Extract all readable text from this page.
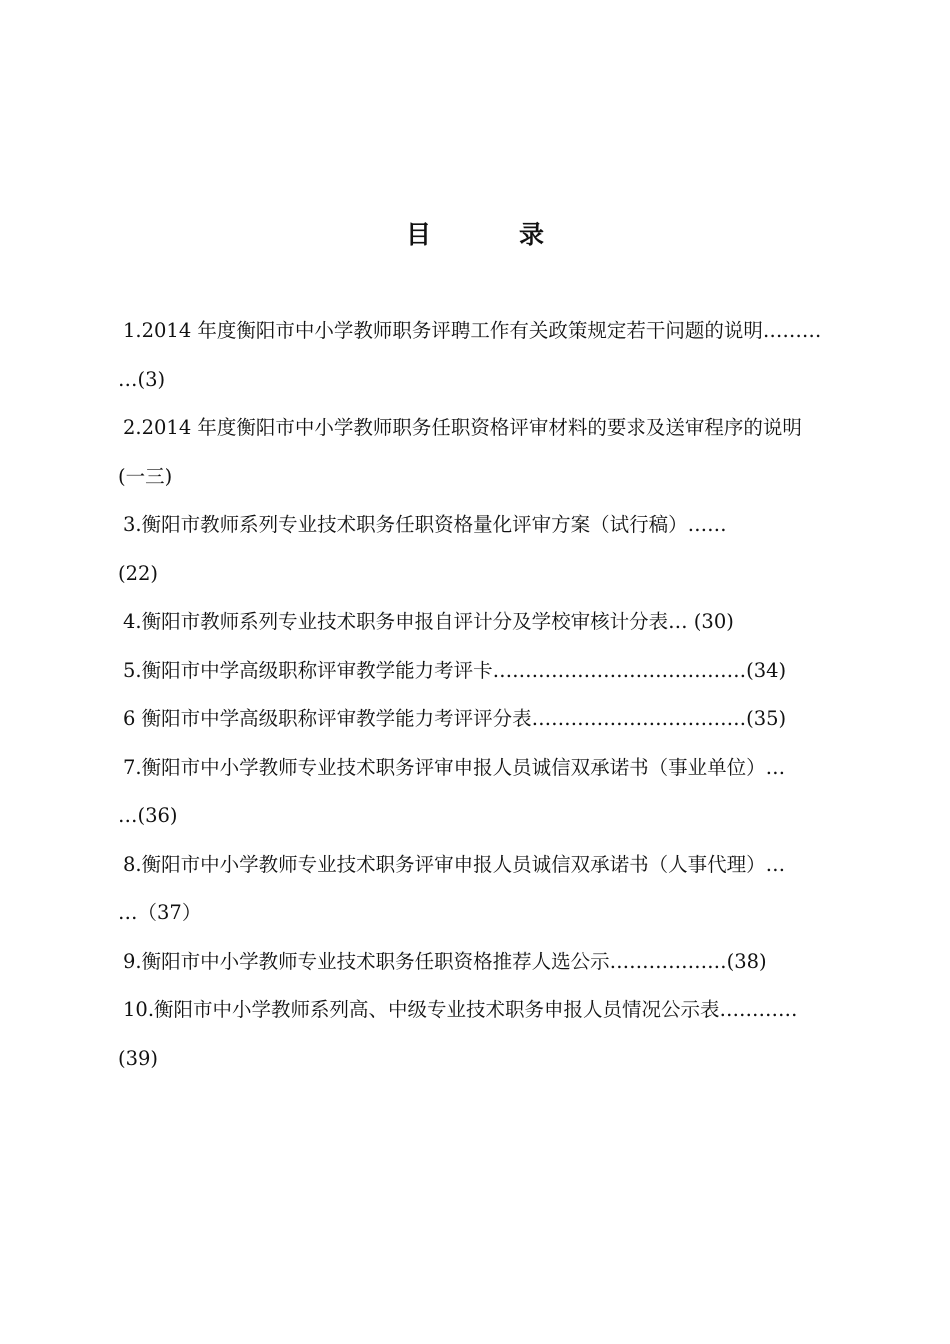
目	录
1.2014 年度衡阳市中小学教师职务评聘工作有关政策规定若干问题的说明………
…(3)
2.2014 年度衡阳市中小学教师职务任职资格评审材料的要求及送审程序的说明
(一三)
3.衡阳市教师系列专业技术职务任职资格量化评审方案（试行稿）……
(22)
4.衡阳市教师系列专业技术职务申报自评计分及学校审核计分表… (30)
5.衡阳市中学高级职称评审教学能力考评卡…………………………………(34)
6 衡阳市中学高级职称评审教学能力考评评分表……………………………(35)
7.衡阳市中小学教师专业技术职务评审申报人员诚信双承诺书（事业单位）…
…(36)
8.衡阳市中小学教师专业技术职务评审申报人员诚信双承诺书（人事代理）…
…（37）
9.衡阳市中小学教师专业技术职务任职资格推荐人选公示………………(38)
10.衡阳市中小学教师系列高、中级专业技术职务申报人员情况公示表…………
(39)
